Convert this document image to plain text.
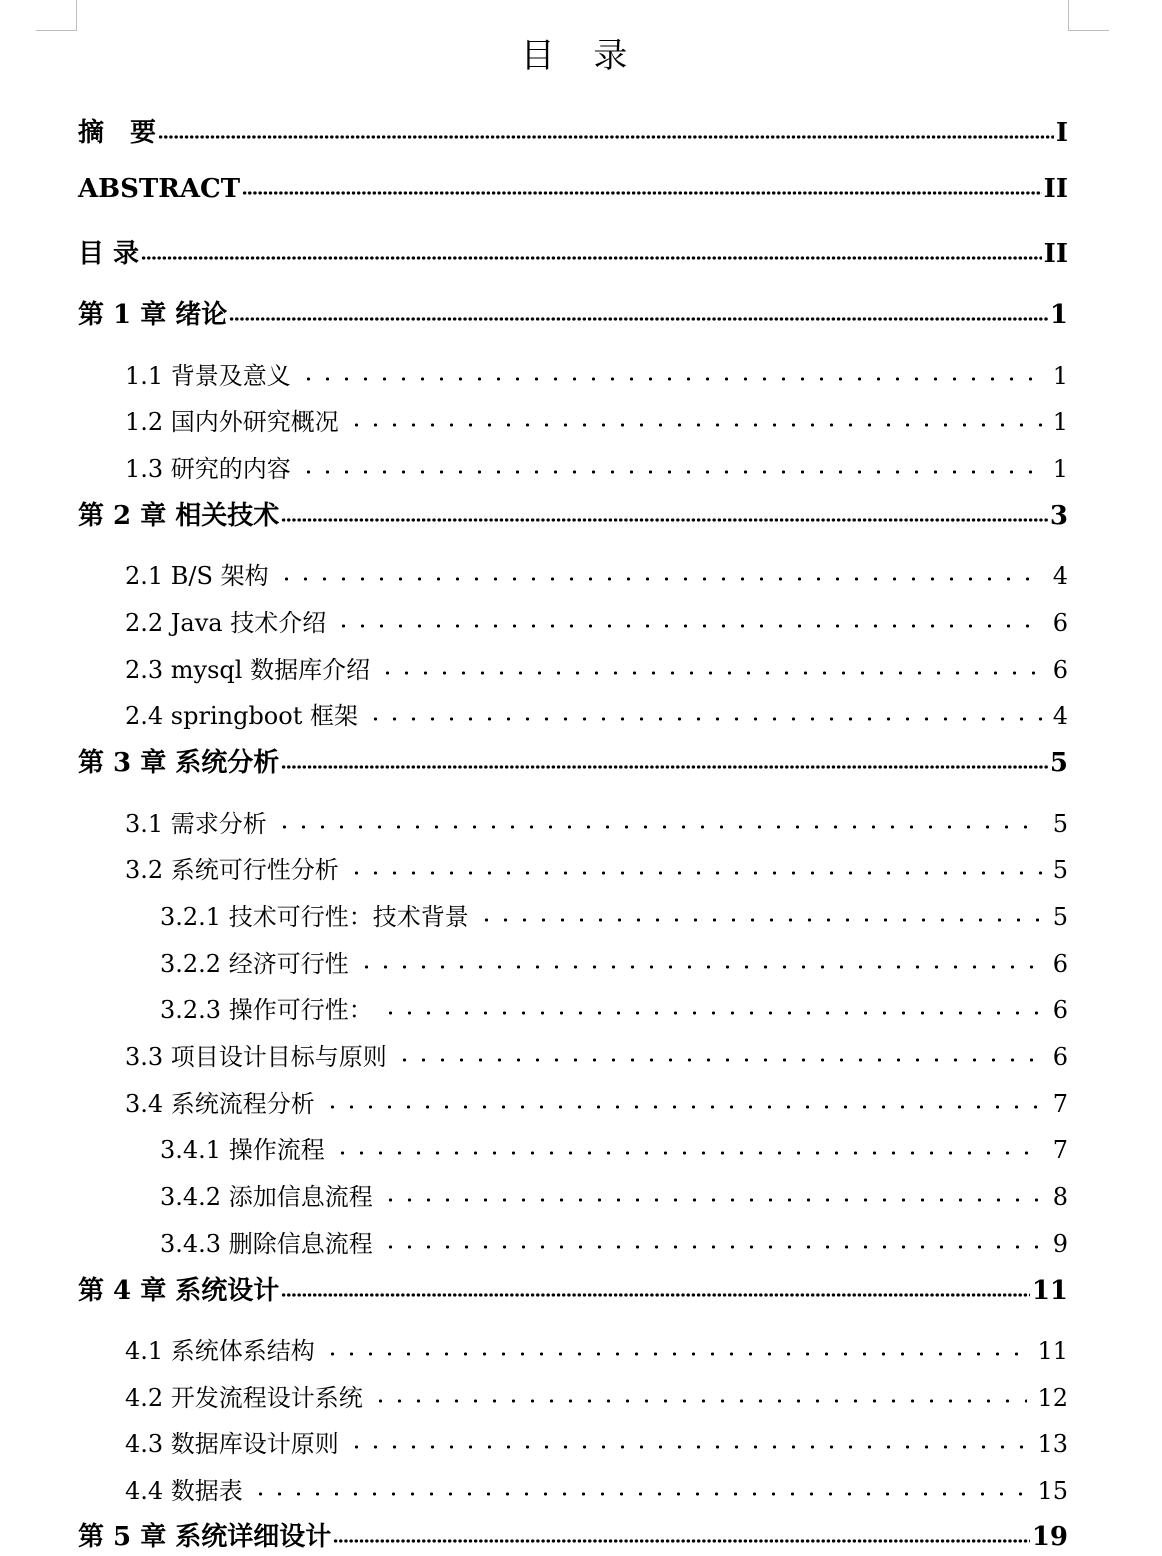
目 录
摘　要	I
ABSTRACT	II
目 录	II
第 1 章 绪论	1
1.1 背景及意义	1
1.2 国内外研究概况	1
1.3 研究的内容	1
第 2 章 相关技术	3
2.1 B/S 架构	4
2.2 Java 技术介绍	6
2.3 mysql 数据库介绍	6
2.4 springboot 框架	4
第 3 章 系统分析	5
3.1 需求分析	5
3.2 系统可行性分析	5
3.2.1 技术可行性：技术背景	5
3.2.2 经济可行性	6
3.2.3 操作可行性：	6
3.3 项目设计目标与原则	6
3.4 系统流程分析	7
3.4.1 操作流程	7
3.4.2 添加信息流程	8
3.4.3 删除信息流程	9
第 4 章 系统设计	11
4.1 系统体系结构	11
4.2 开发流程设计系统	12
4.3 数据库设计原则	13
4.4 数据表	15
第 5 章 系统详细设计	19
